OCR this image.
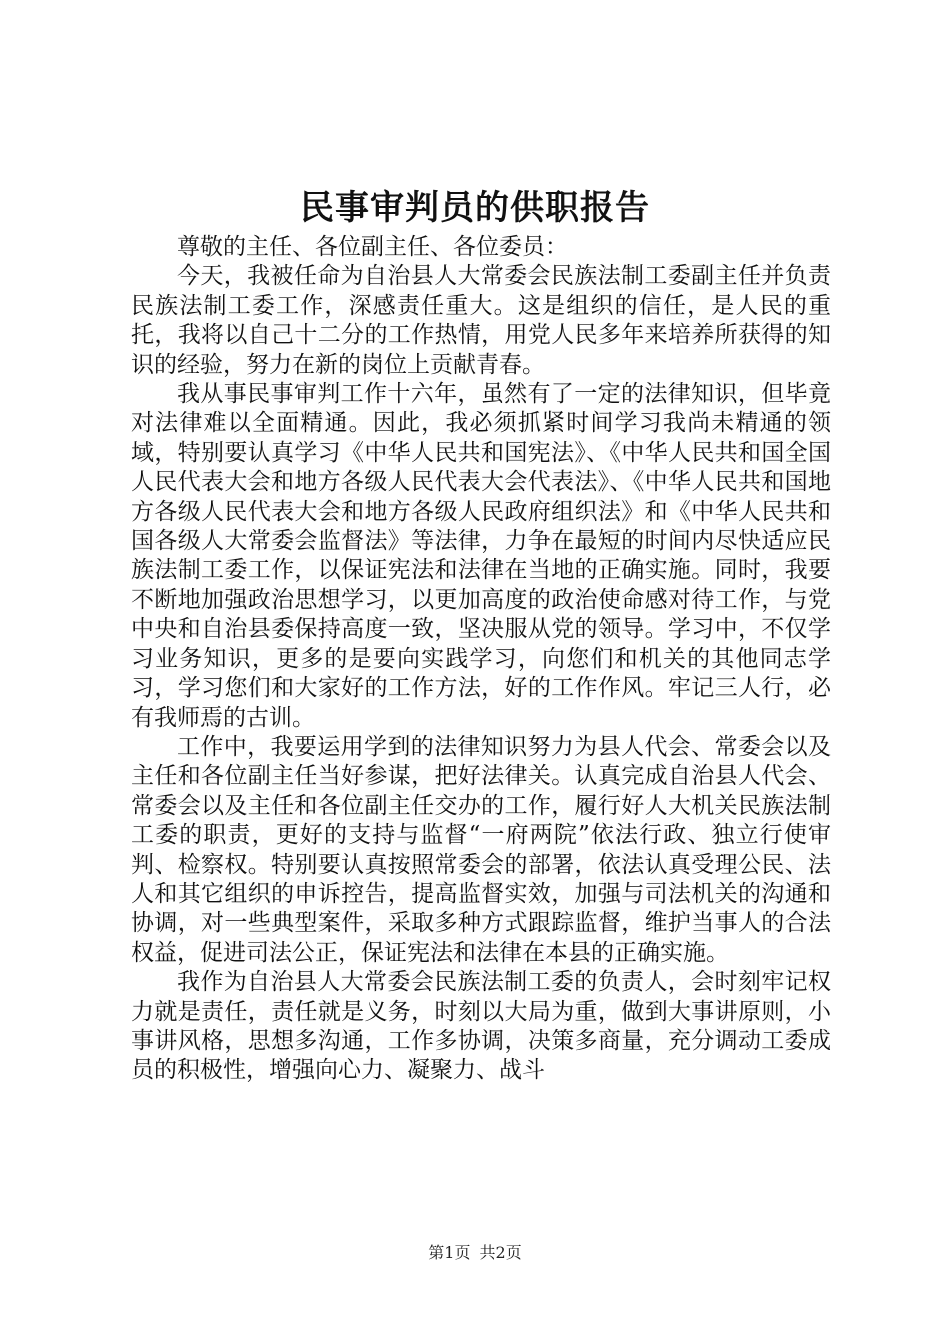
民事审判员的供职报告

尊敬的主任、各位副主任、各位委员：

今天，我被任命为自治县人大常委会民族法制工委副主任并负责民族法制工委工作，深感责任重大。这是组织的信任，是人民的重托，我将以自己十二分的工作热情，用党人民多年来培养所获得的知识的经验，努力在新的岗位上贡献青春。

我从事民事审判工作十六年，虽然有了一定的法律知识，但毕竟对法律难以全面精通。因此，我必须抓紧时间学习我尚未精通的领域，特别要认真学习《中华人民共和国宪法》、《中华人民共和国全国人民代表大会和地方各级人民代表大会代表法》、《中华人民共和国地方各级人民代表大会和地方各级人民政府组织法》和《中华人民共和国各级人大常委会监督法》等法律，力争在最短的时间内尽快适应民族法制工委工作，以保证宪法和法律在当地的正确实施。同时，我要不断地加强政治思想学习，以更加高度的政治使命感对待工作，与党中央和自治县委保持高度一致，坚决服从党的领导。学习中，不仅学习业务知识，更多的是要向实践学习，向您们和机关的其他同志学习，学习您们和大家好的工作方法，好的工作作风。牢记三人行，必有我师焉的古训。

工作中，我要运用学到的法律知识努力为县人代会、常委会以及主任和各位副主任当好参谋，把好法律关。认真完成自治县人代会、常委会以及主任和各位副主任交办的工作，履行好人大机关民族法制工委的职责，更好的支持与监督“一府两院”依法行政、独立行使审判、检察权。特别要认真按照常委会的部署，依法认真受理公民、法人和其它组织的申诉控告，提高监督实效，加强与司法机关的沟通和协调，对一些典型案件，采取多种方式跟踪监督，维护当事人的合法权益，促进司法公正，保证宪法和法律在本县的正确实施。

我作为自治县人大常委会民族法制工委的负责人，会时刻牢记权力就是责任，责任就是义务，时刻以大局为重，做到大事讲原则，小事讲风格，思想多沟通，工作多协调，决策多商量，充分调动工委成员的积极性，增强向心力、凝聚力、战斗

第1页 共2页
